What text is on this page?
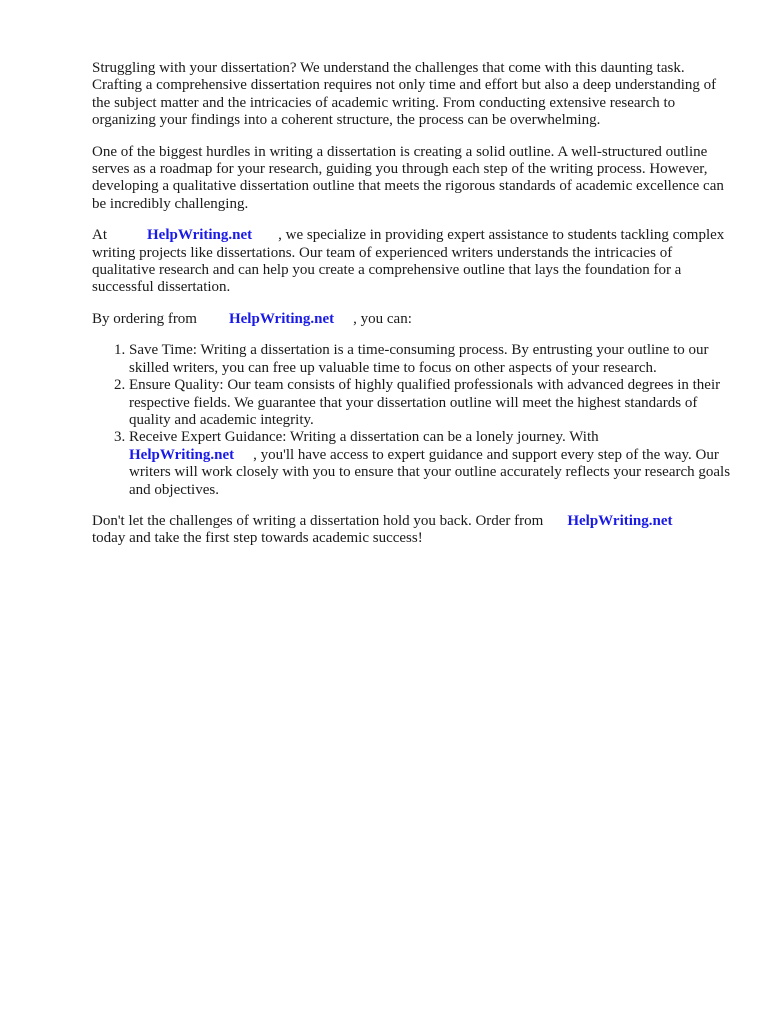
Struggling with your dissertation? We understand the challenges that come with this daunting task. Crafting a comprehensive dissertation requires not only time and effort but also a deep understanding of the subject matter and the intricacies of academic writing. From conducting extensive research to organizing your findings into a coherent structure, the process can be overwhelming.

One of the biggest hurdles in writing a dissertation is creating a solid outline. A well-structured outline serves as a roadmap for your research, guiding you through each step of the writing process. However, developing a qualitative dissertation outline that meets the rigorous standards of academic excellence can be incredibly challenging.

At	HelpWriting.net , we specialize in providing expert assistance to students tackling complex writing projects like dissertations. Our team of experienced writers understands the intricacies of qualitative research and can help you create a comprehensive outline that lays the foundation for a successful dissertation.

By ordering from HelpWriting.net , you can:

1. Save Time: Writing a dissertation is a time-consuming process. By entrusting your outline to our skilled writers, you can free up valuable time to focus on other aspects of your research.
2. Ensure Quality: Our team consists of highly qualified professionals with advanced degrees in their respective fields. We guarantee that your dissertation outline will meet the highest standards of quality and academic integrity.
3. Receive Expert Guidance: Writing a dissertation can be a lonely journey. With
HelpWriting.net , you'll have access to expert guidance and support every step of the way. Our writers will work closely with you to ensure that your outline accurately reflects your research goals and objectives.

Don't let the challenges of writing a dissertation hold you back. Order from HelpWriting.net
today and take the first step towards academic success!
